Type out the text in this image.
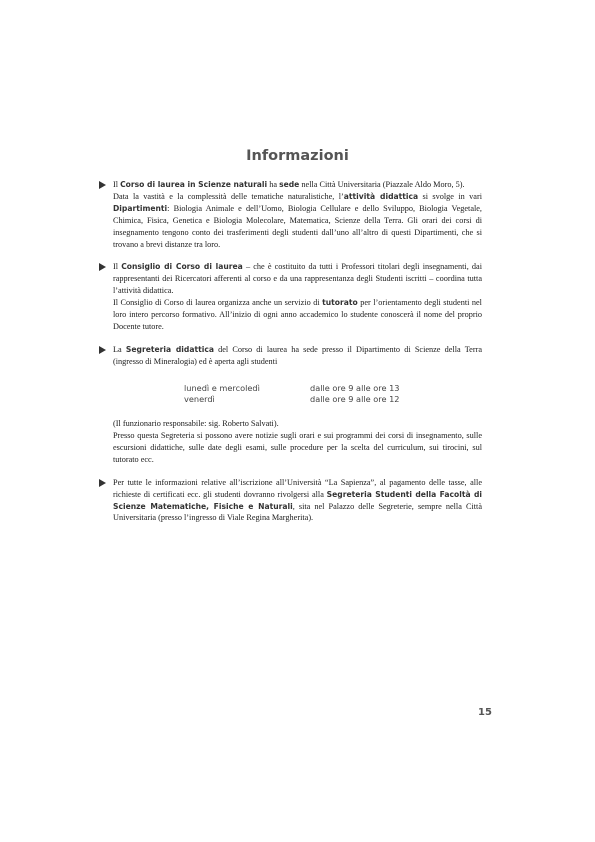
Informazioni

Il Corso di laurea in Scienze naturali ha sede nella Città Universitaria (Piazzale Aldo Moro, 5).
Data la vastità e la complessità delle tematiche naturalistiche, l’attività didattica si svolge in vari Dipartimenti: Biologia Animale e dell’Uomo, Biologia Cellulare e dello Sviluppo, Biologia Vegetale, Chimica, Fisica, Genetica e Biologia Molecolare, Matematica, Scienze della Terra. Gli orari dei corsi di insegnamento tengono conto dei trasferimenti degli studenti dall’uno all’altro di questi Dipartimenti, che si trovano a brevi distanze tra loro.

Il Consiglio di Corso di laurea – che è costituito da tutti i Professori titolari degli insegnamenti, dai rappresentanti dei Ricercatori afferenti al corso e da una rappresentanza degli Studenti iscritti – coordina tutta l’attività didattica.

Il Consiglio di Corso di laurea organizza anche un servizio di tutorato per l’orientamento degli studenti nel loro intero percorso formativo. All’inizio di ogni anno accademico lo studente conoscerà il nome del proprio Docente tutore.

La Segreteria didattica del Corso di laurea ha sede presso il Dipartimento di Scienze della Terra (ingresso di Mineralogia) ed è aperta agli studenti

lunedì e mercoledì	dalle ore 9 alle ore 13
venerdì	dalle ore 9 alle ore 12

(Il funzionario responsabile: sig. Roberto Salvati).
Presso questa Segreteria si possono avere notizie sugli orari e sui programmi dei corsi di insegnamento, sulle escursioni didattiche, sulle date degli esami, sulle procedure per la scelta del curriculum, sui tirocini, sul tutorato ecc.

Per tutte le informazioni relative all’iscrizione all’Università “La Sapienza”, al pagamento delle tasse, alle richieste di certificati ecc. gli studenti dovranno rivolgersi alla Segreteria Studenti della Facoltà di Scienze Matematiche, Fisiche e Naturali, sita nel Palazzo delle Segreterie, sempre nella Città Universitaria (presso l’ingresso di Viale Regina Margherita).

15
